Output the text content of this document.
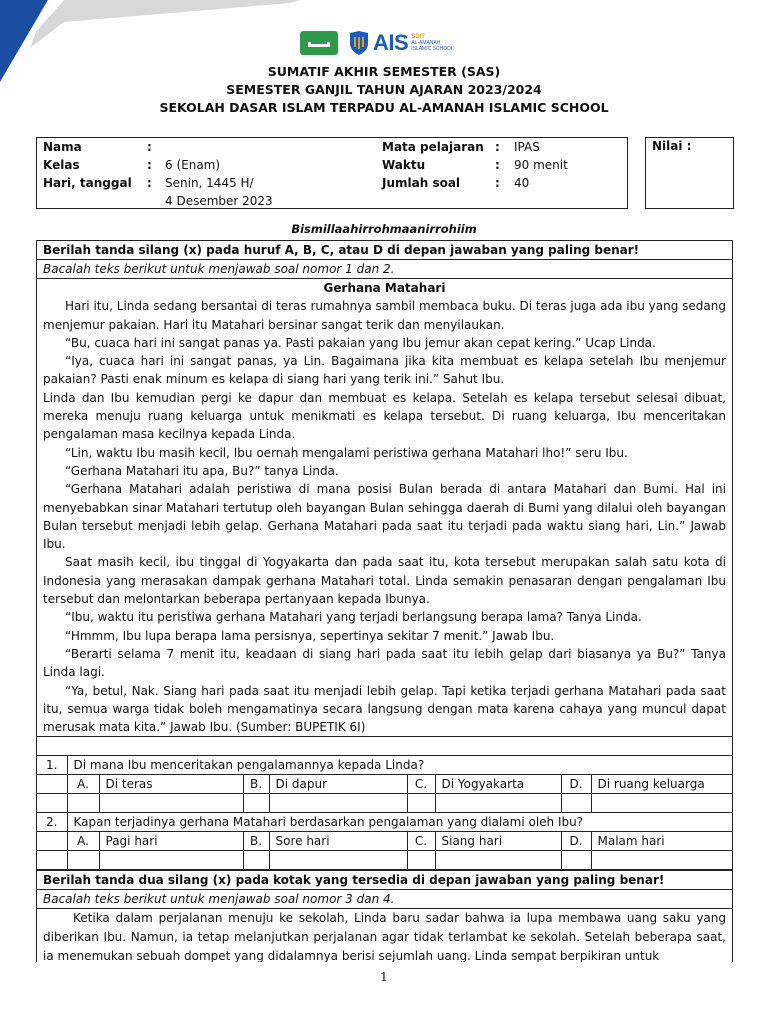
AIS SDIT
AL-AMANAH
ISLAMIC SCHOOL
SUMATIF AKHIR SEMESTER (SAS)
SEMESTER GANJIL TAHUN AJARAN 2023/2024
SEKOLAH DASAR ISLAM TERPADU AL-AMANAH ISLAMIC SCHOOL
Nama	:
Kelas	: 6 (Enam)
Hari, tanggal : Senin, 1445 H/
4 Desember 2023
Mata pelajaran : IPAS
Waktu	: 90 menit
Jumlah soal	: 40
Nilai :
Bismillaahirrohmaanirrohiim
Berilah tanda silang (x) pada huruf A, B, C, atau D di depan jawaban yang paling benar!
Bacalah teks berikut untuk menjawab soal nomor 1 dan 2.
Gerhana Matahari

Hari itu, Linda sedang bersantai di teras rumahnya sambil membaca buku. Di teras juga ada ibu yang sedang menjemur pakaian. Hari itu Matahari bersinar sangat terik dan menyilaukan.

“Bu, cuaca hari ini sangat panas ya. Pasti pakaian yang Ibu jemur akan cepat kering.” Ucap Linda.

“Iya, cuaca hari ini sangat panas, ya Lin. Bagaimana jika kita membuat es kelapa setelah Ibu menjemur pakaian? Pasti enak minum es kelapa di siang hari yang terik ini.” Sahut Ibu.

Linda dan Ibu kemudian pergi ke dapur dan membuat es kelapa. Setelah es kelapa tersebut selesai dibuat, mereka menuju ruang keluarga untuk menikmati es kelapa tersebut. Di ruang keluarga, Ibu menceritakan pengalaman masa kecilnya kepada Linda.

“Lin, waktu Ibu masih kecil, Ibu oernah mengalami peristiwa gerhana Matahari lho!” seru Ibu.

“Gerhana Matahari itu apa, Bu?” tanya Linda.

“Gerhana Matahari adalah peristiwa di mana posisi Bulan berada di antara Matahari dan Bumi. Hal ini menyebabkan sinar Matahari tertutup oleh bayangan Bulan sehingga daerah di Bumi yang dilalui oleh bayangan Bulan tersebut menjadi lebih gelap. Gerhana Matahari pada saat itu terjadi pada waktu siang hari, Lin.” Jawab Ibu.

Saat masih kecil, ibu tinggal di Yogyakarta dan pada saat itu, kota tersebut merupakan salah satu kota di Indonesia yang merasakan dampak gerhana Matahari total. Linda semakin penasaran dengan pengalaman Ibu tersebut dan melontarkan beberapa pertanyaan kepada Ibunya.

“Ibu, waktu itu peristiwa gerhana Matahari yang terjadi berlangsung berapa lama? Tanya Linda.

“Hmmm, Ibu lupa berapa lama persisnya, sepertinya sekitar 7 menit.” Jawab Ibu.

“Berarti selama 7 menit itu, keadaan di siang hari pada saat itu lebih gelap dari biasanya ya Bu?” Tanya Linda lagi.

“Ya, betul, Nak. Siang hari pada saat itu menjadi lebih gelap. Tapi ketika terjadi gerhana Matahari pada saat itu, semua warga tidak boleh mengamatinya secara langsung dengan mata karena cahaya yang muncul dapat merusak mata kita.” Jawab Ibu. (Sumber: BUPETIK 6I)

1.	Di mana Ibu menceritakan pengalamannya kepada Linda?							
	A.	Di teras	B.	Di dapur	C.	Di Yogyakarta	D.	Di ruang keluarga

2.	Kapan terjadinya gerhana Matahari berdasarkan pengalaman yang dialami oleh Ibu?							
	A.	Pagi hari	B.	Sore hari	C.	Siang hari	D.	Malam hari

Berilah tanda dua silang (x) pada kotak yang tersedia di depan jawaban yang paling benar!
Bacalah teks berikut untuk menjawab soal nomor 3 dan 4.

Ketika dalam perjalanan menuju ke sekolah, Linda baru sadar bahwa ia lupa membawa uang saku yang diberikan Ibu. Namun, ia tetap melanjutkan perjalanan agar tidak terlambat ke sekolah. Setelah beberapa saat, ia menemukan sebuah dompet yang didalamnya berisi sejumlah uang. Linda sempat berpikiran untuk

1
